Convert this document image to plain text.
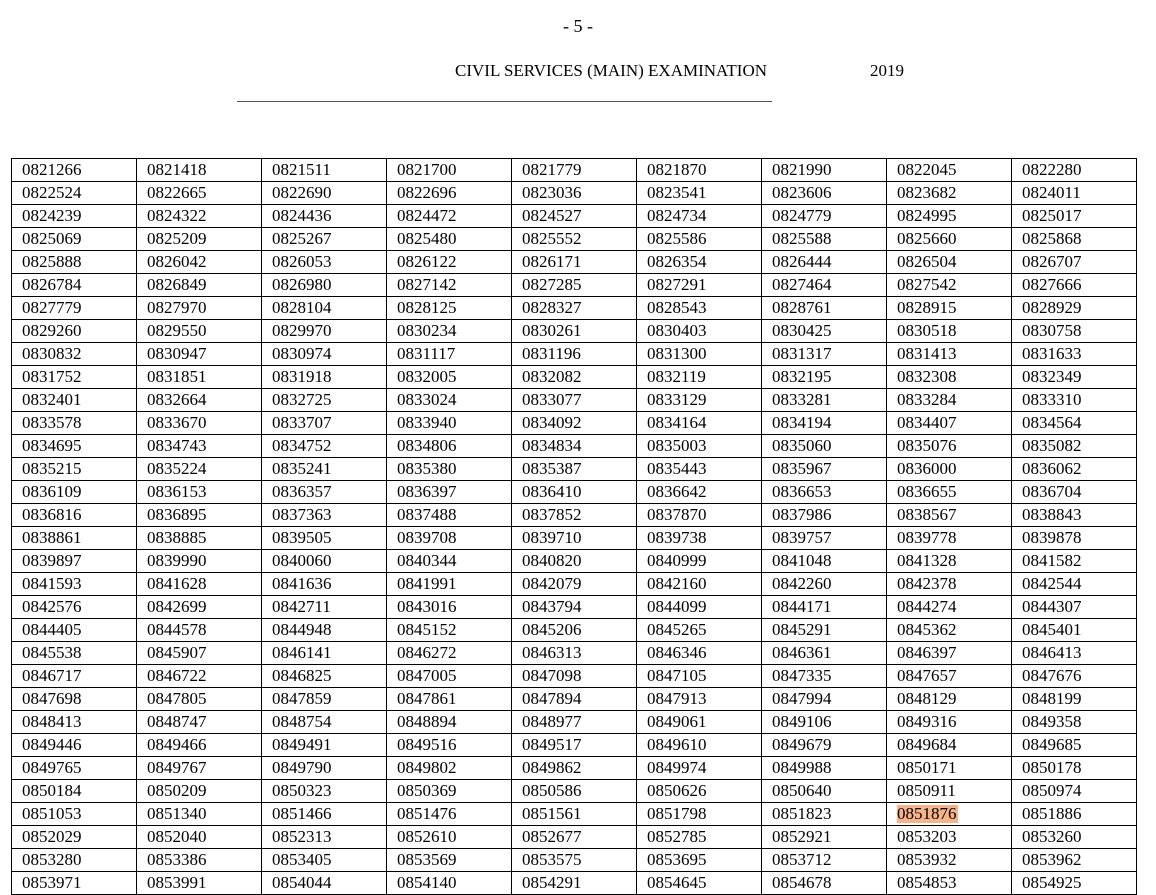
- 5 -
CIVIL SERVICES (MAIN) EXAMINATION	2019
0821266	0821418	0821511	0821700	0821779	0821870	0821990	0822045	0822280
0822524	0822665	0822690	0822696	0823036	0823541	0823606	0823682	0824011
0824239	0824322	0824436	0824472	0824527	0824734	0824779	0824995	0825017
0825069	0825209	0825267	0825480	0825552	0825586	0825588	0825660	0825868
0825888	0826042	0826053	0826122	0826171	0826354	0826444	0826504	0826707
0826784	0826849	0826980	0827142	0827285	0827291	0827464	0827542	0827666
0827779	0827970	0828104	0828125	0828327	0828543	0828761	0828915	0828929
0829260	0829550	0829970	0830234	0830261	0830403	0830425	0830518	0830758
0830832	0830947	0830974	0831117	0831196	0831300	0831317	0831413	0831633
0831752	0831851	0831918	0832005	0832082	0832119	0832195	0832308	0832349
0832401	0832664	0832725	0833024	0833077	0833129	0833281	0833284	0833310
0833578	0833670	0833707	0833940	0834092	0834164	0834194	0834407	0834564
0834695	0834743	0834752	0834806	0834834	0835003	0835060	0835076	0835082
0835215	0835224	0835241	0835380	0835387	0835443	0835967	0836000	0836062
0836109	0836153	0836357	0836397	0836410	0836642	0836653	0836655	0836704
0836816	0836895	0837363	0837488	0837852	0837870	0837986	0838567	0838843
0838861	0838885	0839505	0839708	0839710	0839738	0839757	0839778	0839878
0839897	0839990	0840060	0840344	0840820	0840999	0841048	0841328	0841582
0841593	0841628	0841636	0841991	0842079	0842160	0842260	0842378	0842544
0842576	0842699	0842711	0843016	0843794	0844099	0844171	0844274	0844307
0844405	0844578	0844948	0845152	0845206	0845265	0845291	0845362	0845401
0845538	0845907	0846141	0846272	0846313	0846346	0846361	0846397	0846413
0846717	0846722	0846825	0847005	0847098	0847105	0847335	0847657	0847676
0847698	0847805	0847859	0847861	0847894	0847913	0847994	0848129	0848199
0848413	0848747	0848754	0848894	0848977	0849061	0849106	0849316	0849358
0849446	0849466	0849491	0849516	0849517	0849610	0849679	0849684	0849685
0849765	0849767	0849790	0849802	0849862	0849974	0849988	0850171	0850178
0850184	0850209	0850323	0850369	0850586	0850626	0850640	0850911	0850974
0851053	0851340	0851466	0851476	0851561	0851798	0851823	0851876	0851886
0852029	0852040	0852313	0852610	0852677	0852785	0852921	0853203	0853260
0853280	0853386	0853405	0853569	0853575	0853695	0853712	0853932	0853962
0853971	0853991	0854044	0854140	0854291	0854645	0854678	0854853	0854925
